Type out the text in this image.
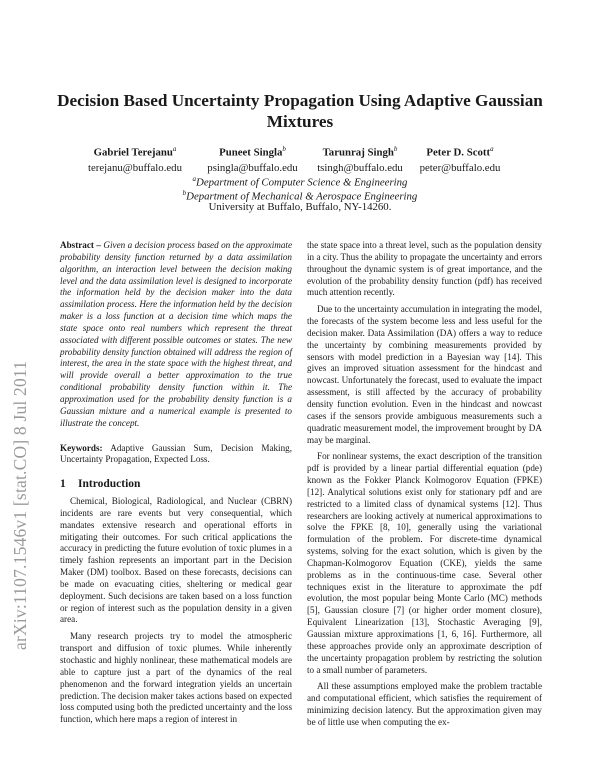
arXiv:1107.1546v1 [stat.CO] 8 Jul 2011
Decision Based Uncertainty Propagation Using Adaptive Gaussian Mixtures
Gabriel Terejanu$^a$
terejanu@buffalo.edu
Puneet Singla$^b$
psingla@buffalo.edu
Tarunraj Singh$^b$
tsingh@buffalo.edu
Peter D. Scott$^a$
peter@buffalo.edu
$^a$Department of Computer Science & Engineering
$^b$Department of Mechanical & Aerospace Engineering
University at Buffalo, Buffalo, NY-14260.

Abstract – Given a decision process based on the approximate probability density function returned by a data assimilation algorithm, an interaction level between the decision making level and the data assimilation level is designed to incorporate the information held by the decision maker into the data assimilation process. Here the information held by the decision maker is a loss function at a decision time which maps the state space onto real numbers which represent the threat associated with different possible outcomes or states. The new probability density function obtained will address the region of interest, the area in the state space with the highest threat, and will provide overall a better approximation to the true conditional probability density function within it. The approximation used for the probability density function is a Gaussian mixture and a numerical example is presented to illustrate the concept.

Keywords: Adaptive Gaussian Sum, Decision Making, Uncertainty Propagation, Expected Loss.

1 Introduction

Chemical, Biological, Radiological, and Nuclear (CBRN) incidents are rare events but very consequential, which mandates extensive research and operational efforts in mitigating their outcomes. For such critical applications the accuracy in predicting the future evolution of toxic plumes in a timely fashion represents an important part in the Decision Maker (DM) toolbox. Based on these forecasts, decisions can be made on evacuating cities, sheltering or medical gear deployment. Such decisions are taken based on a loss function or region of interest such as the population density in a given area.

Many research projects try to model the atmospheric transport and diffusion of toxic plumes. While inherently stochastic and highly nonlinear, these mathematical models are able to capture just a part of the dynamics of the real phenomenon and the forward integration yields an uncertain prediction. The decision maker takes actions based on expected loss computed using both the predicted uncertainty and the loss function, which here maps a region of interest in

the state space into a threat level, such as the population density in a city. Thus the ability to propagate the uncertainty and errors throughout the dynamic system is of great importance, and the evolution of the probability density function (pdf) has received much attention recently.

Due to the uncertainty accumulation in integrating the model, the forecasts of the system become less and less useful for the decision maker. Data Assimilation (DA) offers a way to reduce the uncertainty by combining measurements provided by sensors with model prediction in a Bayesian way [14]. This gives an improved situation assessment for the hindcast and nowcast. Unfortunately the forecast, used to evaluate the impact assessment, is still affected by the accuracy of probability density function evolution. Even in the hindcast and nowcast cases if the sensors provide ambiguous measurements such a quadratic measurement model, the improvement brought by DA may be marginal.

For nonlinear systems, the exact description of the transition pdf is provided by a linear partial differential equation (pde) known as the Fokker Planck Kolmogorov Equation (FPKE) [12]. Analytical solutions exist only for stationary pdf and are restricted to a limited class of dynamical systems [12]. Thus researchers are looking actively at numerical approximations to solve the FPKE [8, 10], generally using the variational formulation of the problem. For discrete-time dynamical systems, solving for the exact solution, which is given by the Chapman-Kolmogorov Equation (CKE), yields the same problems as in the continuous-time case. Several other techniques exist in the literature to approximate the pdf evolution, the most popular being Monte Carlo (MC) methods [5], Gaussian closure [7] (or higher order moment closure), Equivalent Linearization [13], Stochastic Averaging [9], Gaussian mixture approximations [1, 6, 16]. Furthermore, all these approaches provide only an approximate description of the uncertainty propagation problem by restricting the solution to a small number of parameters.

All these assumptions employed make the problem tractable and computational efficient, which satisfies the requirement of minimizing decision latency. But the approximation given may be of little use when computing the ex-
